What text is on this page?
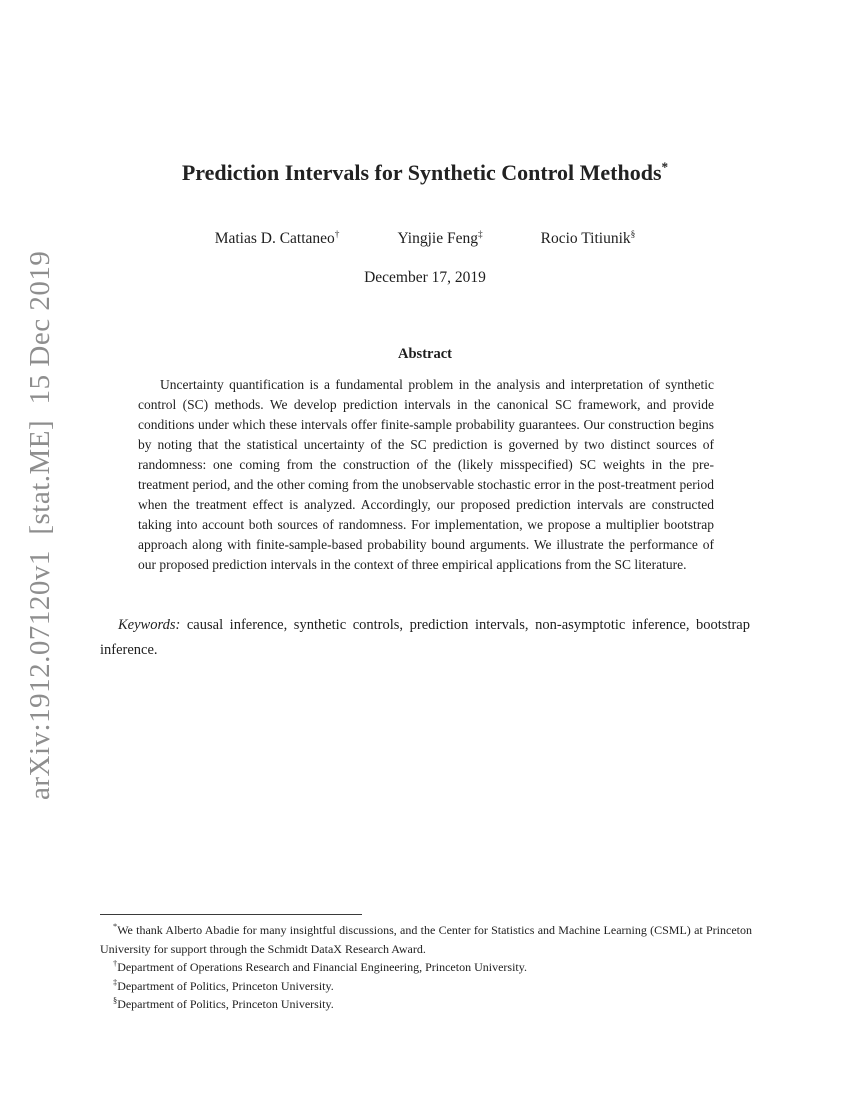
arXiv:1912.07120v1  [stat.ME]  15 Dec 2019
Prediction Intervals for Synthetic Control Methods*
Matias D. Cattaneo†	Yingjie Feng‡	Rocio Titiunik§
December 17, 2019
Abstract

Uncertainty quantification is a fundamental problem in the analysis and interpretation of synthetic control (SC) methods. We develop prediction intervals in the canonical SC framework, and provide conditions under which these intervals offer finite-sample probability guarantees. Our construction begins by noting that the statistical uncertainty of the SC prediction is governed by two distinct sources of randomness: one coming from the construction of the (likely misspecified) SC weights in the pre-treatment period, and the other coming from the unobservable stochastic error in the post-treatment period when the treatment effect is analyzed. Accordingly, our proposed prediction intervals are constructed taking into account both sources of randomness. For implementation, we propose a multiplier bootstrap approach along with finite-sample-based probability bound arguments. We illustrate the performance of our proposed prediction intervals in the context of three empirical applications from the SC literature.

Keywords: causal inference, synthetic controls, prediction intervals, non-asymptotic inference, bootstrap inference.

*We thank Alberto Abadie for many insightful discussions, and the Center for Statistics and Machine Learning (CSML) at Princeton University for support through the Schmidt DataX Research Award.

†Department of Operations Research and Financial Engineering, Princeton University.

‡Department of Politics, Princeton University.

§Department of Politics, Princeton University.
